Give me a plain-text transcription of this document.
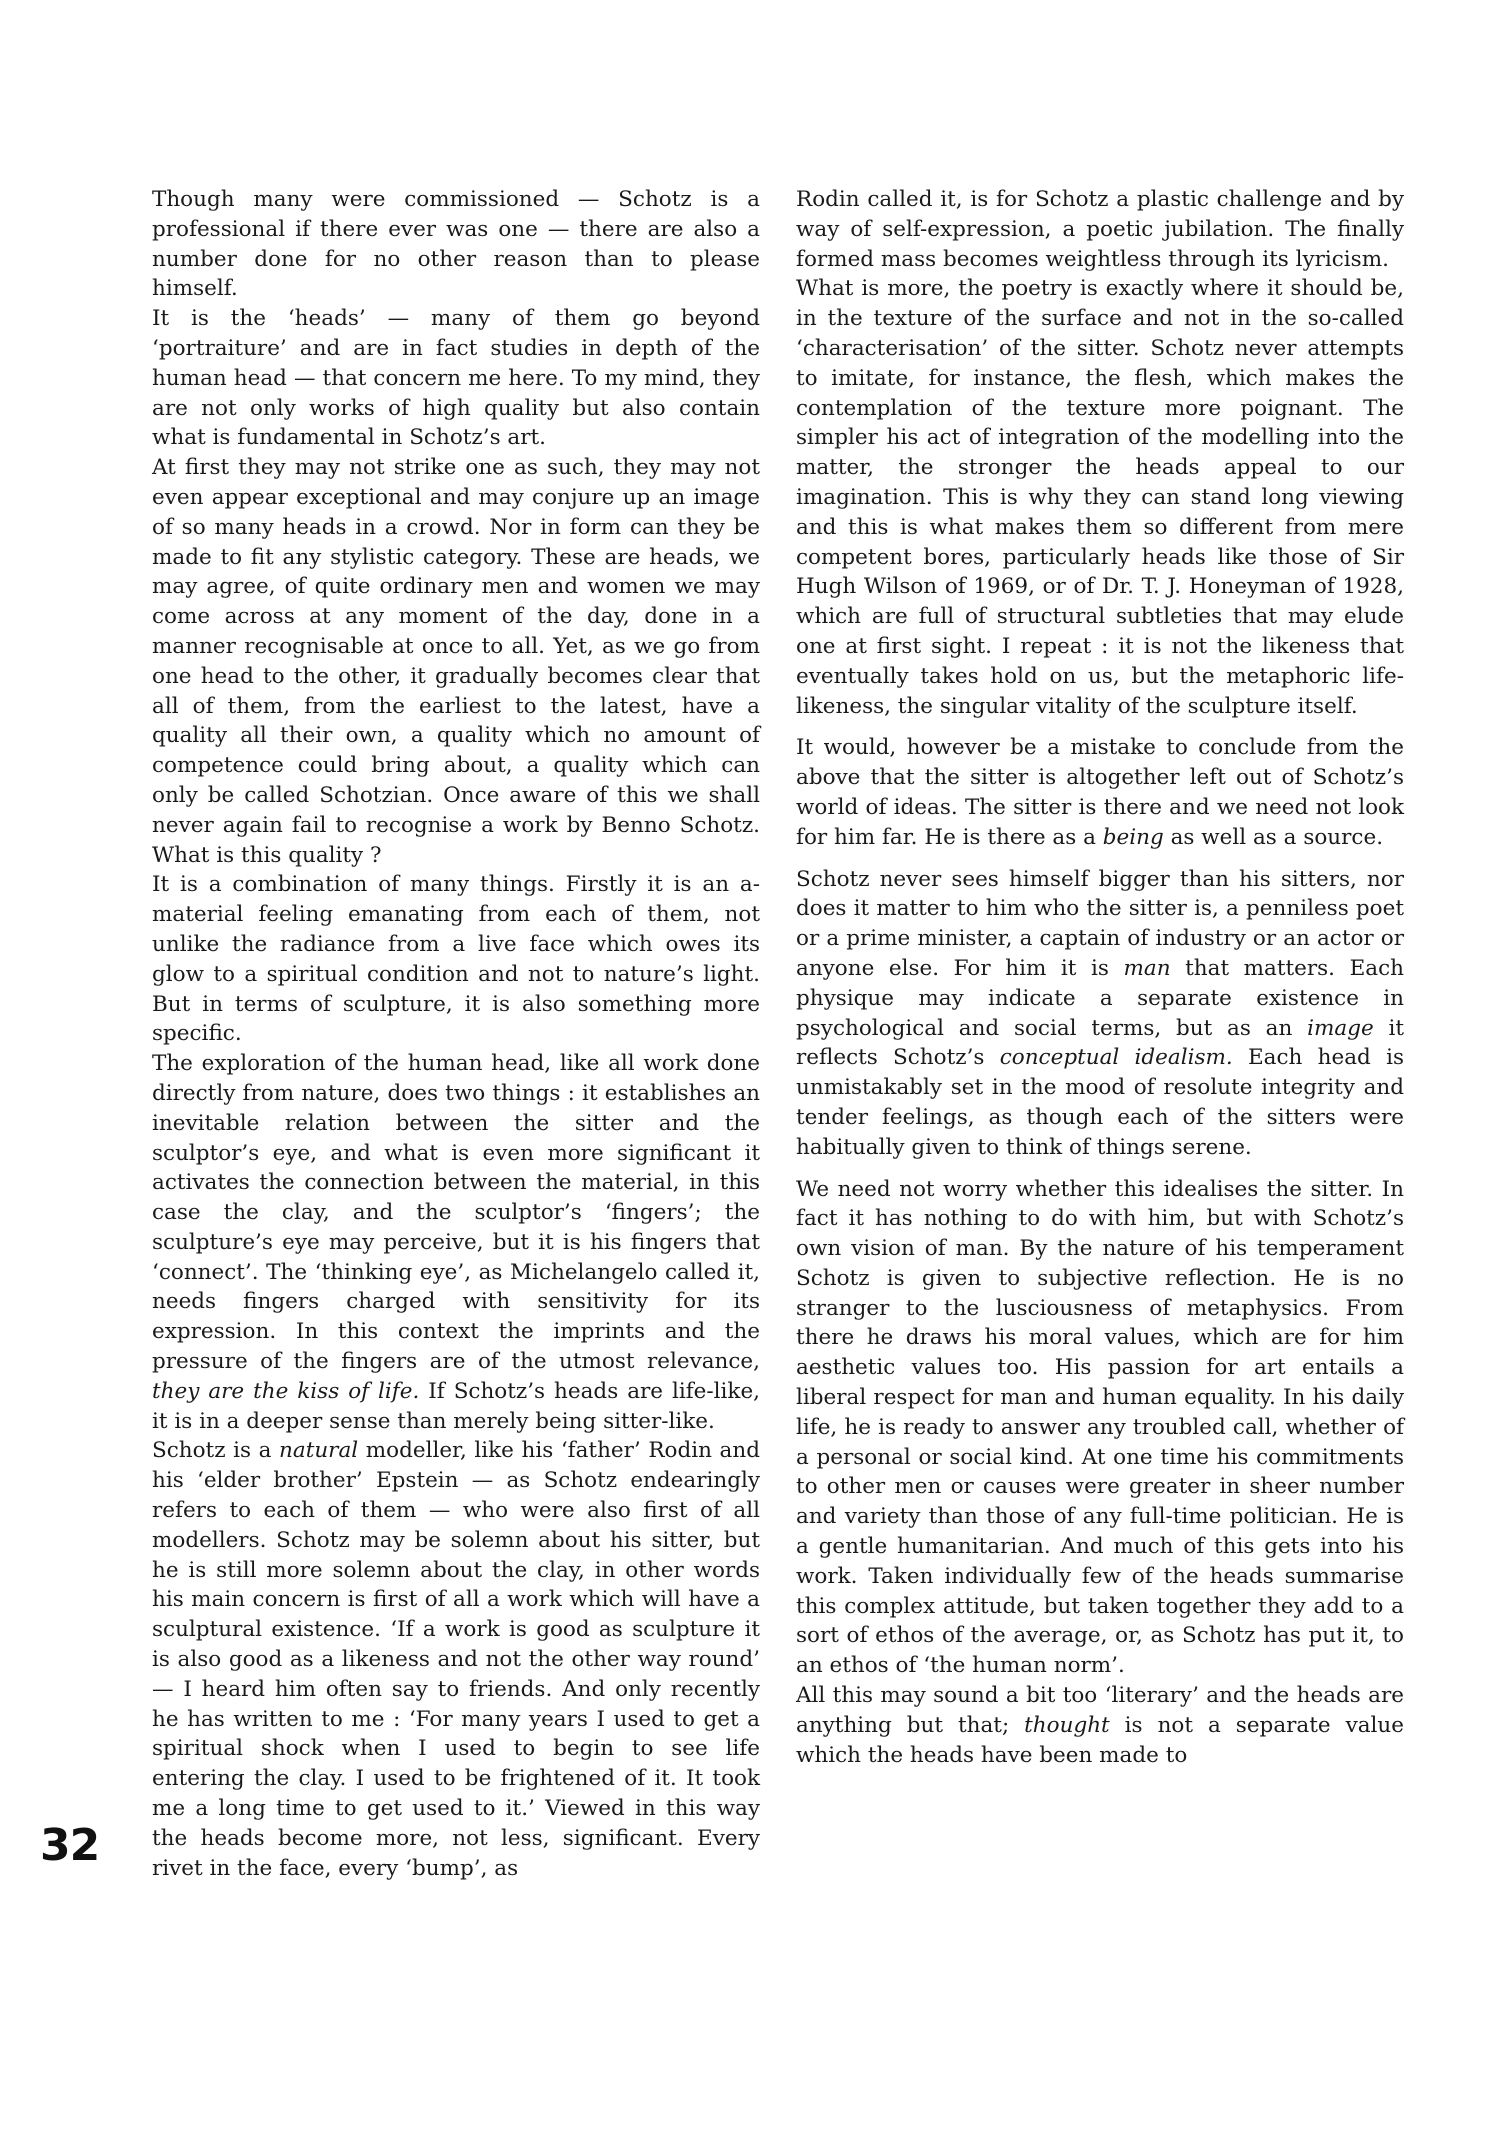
Though many were commissioned — Schotz is a professional if there ever was one — there are also a number done for no other reason than to please himself.

It is the ‘heads’ — many of them go beyond ‘portraiture’ and are in fact studies in depth of the human head — that concern me here. To my mind, they are not only works of high quality but also contain what is fundamental in Schotz’s art.

At first they may not strike one as such, they may not even appear exceptional and may conjure up an image of so many heads in a crowd. Nor in form can they be made to fit any stylistic category. These are heads, we may agree, of quite ordinary men and women we may come across at any moment of the day, done in a manner recognisable at once to all. Yet, as we go from one head to the other, it gradually becomes clear that all of them, from the earliest to the latest, have a quality all their own, a quality which no amount of competence could bring about, a quality which can only be called Schotzian. Once aware of this we shall never again fail to recognise a work by Benno Schotz. What is this quality ?

It is a combination of many things. Firstly it is an a-material feeling emanating from each of them, not unlike the radiance from a live face which owes its glow to a spiritual condition and not to nature’s light. But in terms of sculpture, it is also something more specific.

The exploration of the human head, like all work done directly from nature, does two things : it establishes an inevitable relation between the sitter and the sculptor’s eye, and what is even more significant it activates the connection between the material, in this case the clay, and the sculptor’s ‘fingers’; the sculpture’s eye may perceive, but it is his fingers that ‘connect’. The ‘thinking eye’, as Michelangelo called it, needs fingers charged with sensitivity for its expression. In this context the imprints and the pressure of the fingers are of the utmost relevance, they are the kiss of life. If Schotz’s heads are life-like, it is in a deeper sense than merely being sitter-like.

Schotz is a natural modeller, like his ‘father’ Rodin and his ‘elder brother’ Epstein — as Schotz endearingly refers to each of them — who were also first of all modellers. Schotz may be solemn about his sitter, but he is still more solemn about the clay, in other words his main concern is first of all a work which will have a sculptural existence. ‘If a work is good as sculpture it is also good as a likeness and not the other way round’ — I heard him often say to friends. And only recently he has written to me : ‘For many years I used to get a spiritual shock when I used to begin to see life entering the clay. I used to be frightened of it. It took me a long time to get used to it.’ Viewed in this way the heads become more, not less, significant. Every rivet in the face, every ‘bump’, as

Rodin called it, is for Schotz a plastic challenge and by way of self-expression, a poetic jubilation. The finally formed mass becomes weightless through its lyricism.

What is more, the poetry is exactly where it should be, in the texture of the surface and not in the so-called ‘characterisation’ of the sitter. Schotz never attempts to imitate, for instance, the flesh, which makes the contemplation of the texture more poignant. The simpler his act of integration of the modelling into the matter, the stronger the heads appeal to our imagination. This is why they can stand long viewing and this is what makes them so different from mere competent bores, particularly heads like those of Sir Hugh Wilson of 1969, or of Dr. T. J. Honeyman of 1928, which are full of structural subtleties that may elude one at first sight. I repeat : it is not the likeness that eventually takes hold on us, but the metaphoric life-likeness, the singular vitality of the sculpture itself.

It would, however be a mistake to conclude from the above that the sitter is altogether left out of Schotz’s world of ideas. The sitter is there and we need not look for him far. He is there as a being as well as a source.

Schotz never sees himself bigger than his sitters, nor does it matter to him who the sitter is, a penniless poet or a prime minister, a captain of industry or an actor or anyone else. For him it is man that matters. Each physique may indicate a separate existence in psychological and social terms, but as an image it reflects Schotz’s conceptual idealism. Each head is unmistakably set in the mood of resolute integrity and tender feelings, as though each of the sitters were habitually given to think of things serene.

We need not worry whether this idealises the sitter. In fact it has nothing to do with him, but with Schotz’s own vision of man. By the nature of his temperament Schotz is given to subjective reflection. He is no stranger to the lusciousness of metaphysics. From there he draws his moral values, which are for him aesthetic values too. His passion for art entails a liberal respect for man and human equality. In his daily life, he is ready to answer any troubled call, whether of a personal or social kind. At one time his commitments to other men or causes were greater in sheer number and variety than those of any full-time politician. He is a gentle humanitarian. And much of this gets into his work. Taken individually few of the heads summarise this complex attitude, but taken together they add to a sort of ethos of the average, or, as Schotz has put it, to an ethos of ‘the human norm’.

All this may sound a bit too ‘literary’ and the heads are anything but that; thought is not a separate value which the heads have been made to

32
